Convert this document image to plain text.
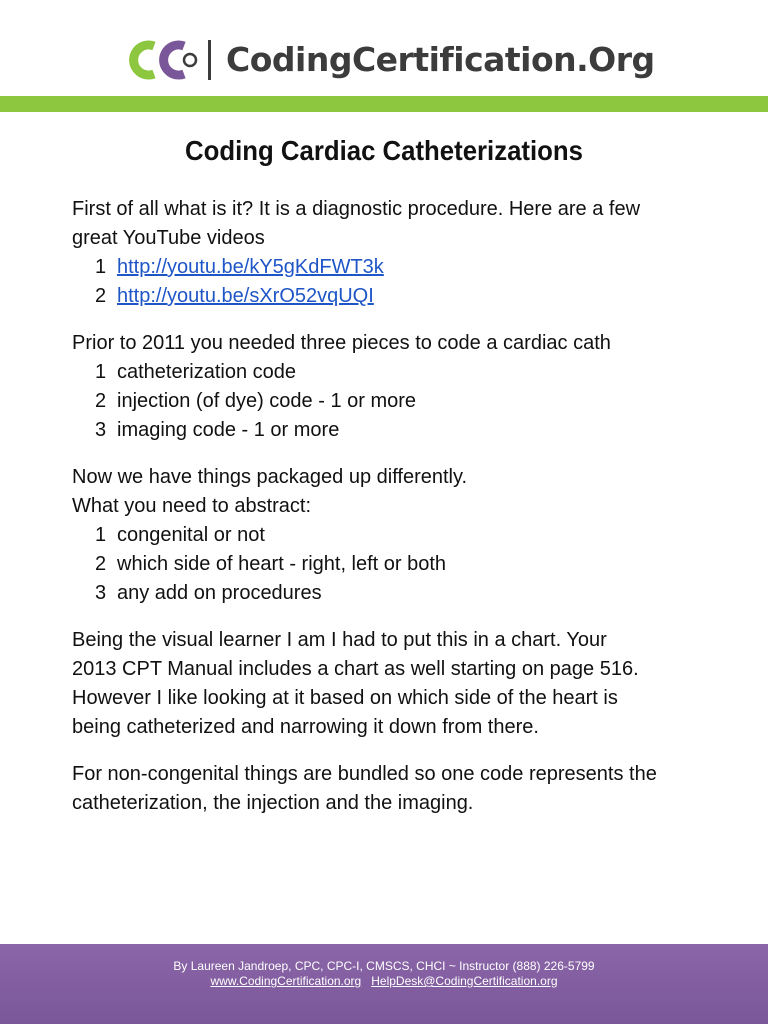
CodingCertification.Org
Coding Cardiac Catheterizations
First of all what is it? It is a diagnostic procedure. Here are a few
great YouTube videos
1 http://youtu.be/kY5gKdFWT3k
2 http://youtu.be/sXrO52vqUQI
Prior to 2011 you needed three pieces to code a cardiac cath
1 catheterization code
2 injection (of dye) code - 1 or more
3 imaging code - 1 or more
Now we have things packaged up differently.
What you need to abstract:
1 congenital or not
2 which side of heart - right, left or both
3 any add on procedures
Being the visual learner I am I had to put this in a chart. Your
2013 CPT Manual includes a chart as well starting on page 516.
However I like looking at it based on which side of the heart is
being catheterized and narrowing it down from there.
For non-congenital things are bundled so one code represents the
catheterization, the injection and the imaging.
By Laureen Jandroep, CPC, CPC-I, CMSCS, CHCI ~ Instructor (888) 226-5799
www.CodingCertification.org HelpDesk@CodingCertification.org
